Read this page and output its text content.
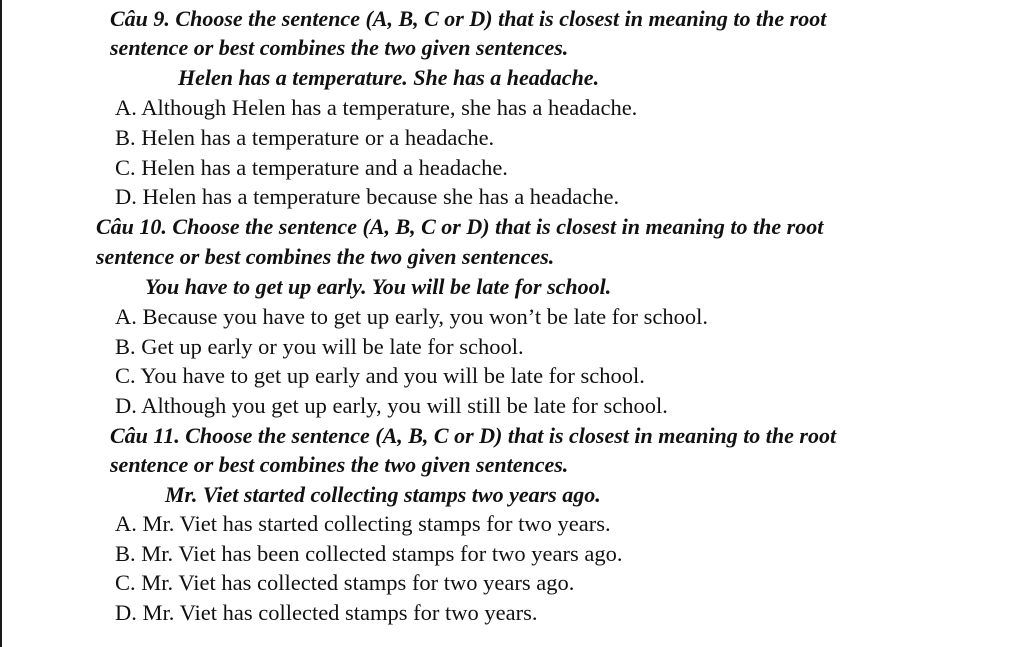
Câu 9. Choose the sentence (A, B, C or D) that is closest in meaning to the root
sentence or best combines the two given sentences.
Helen has a temperature. She has a headache.
A. Although Helen has a temperature, she has a headache.
B. Helen has a temperature or a headache.
C. Helen has a temperature and a headache.
D. Helen has a temperature because she has a headache.
Câu 10. Choose the sentence (A, B, C or D) that is closest in meaning to the root
sentence or best combines the two given sentences.
You have to get up early. You will be late for school.
A. Because you have to get up early, you won’t be late for school.
B. Get up early or you will be late for school.
C. You have to get up early and you will be late for school.
D. Although you get up early, you will still be late for school.
Câu 11. Choose the sentence (A, B, C or D) that is closest in meaning to the root
sentence or best combines the two given sentences.
Mr. Viet started collecting stamps two years ago.
A. Mr. Viet has started collecting stamps for two years.
B. Mr. Viet has been collected stamps for two years ago.
C. Mr. Viet has collected stamps for two years ago.
D. Mr. Viet has collected stamps for two years.
